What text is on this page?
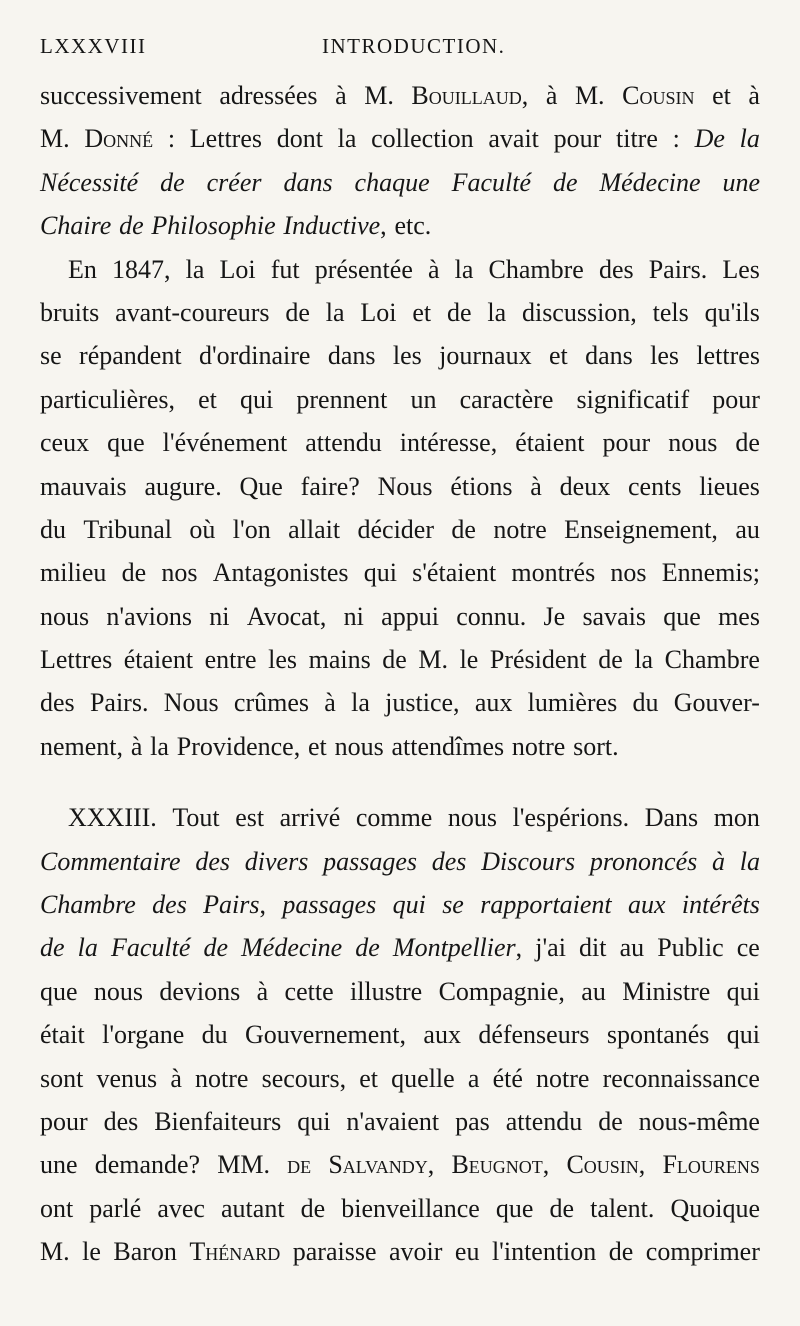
LXXXVIII	INTRODUCTION.
successivement adressées à M. Bouillaud, à M. Cousin et à
M. Donné : Lettres dont la collection avait pour titre : De la
Nécessité de créer dans chaque Faculté de Médecine une
Chaire de Philosophie Inductive, etc.
En 1847, la Loi fut présentée à la Chambre des Pairs. Les
bruits avant-coureurs de la Loi et de la discussion, tels qu'ils
se répandent d'ordinaire dans les journaux et dans les lettres
particulières, et qui prennent un caractère significatif pour
ceux que l'événement attendu intéresse, étaient pour nous de
mauvais augure. Que faire? Nous étions à deux cents lieues
du Tribunal où l'on allait décider de notre Enseignement, au
milieu de nos Antagonistes qui s'étaient montrés nos Ennemis;
nous n'avions ni Avocat, ni appui connu. Je savais que mes
Lettres étaient entre les mains de M. le Président de la Chambre
des Pairs. Nous crûmes à la justice, aux lumières du Gouver-
nement, à la Providence, et nous attendîmes notre sort.
XXXIII. Tout est arrivé comme nous l'espérions. Dans mon
Commentaire des divers passages des Discours prononcés à la
Chambre des Pairs, passages qui se rapportaient aux intérêts
de la Faculté de Médecine de Montpellier, j'ai dit au Public ce
que nous devions à cette illustre Compagnie, au Ministre qui
était l'organe du Gouvernement, aux défenseurs spontanés qui
sont venus à notre secours, et quelle a été notre reconnaissance
pour des Bienfaiteurs qui n'avaient pas attendu de nous-même
une demande? MM. de Salvandy, Beugnot, Cousin, Flourens
ont parlé avec autant de bienveillance que de talent. Quoique
M. le Baron Thénard paraisse avoir eu l'intention de comprimer
